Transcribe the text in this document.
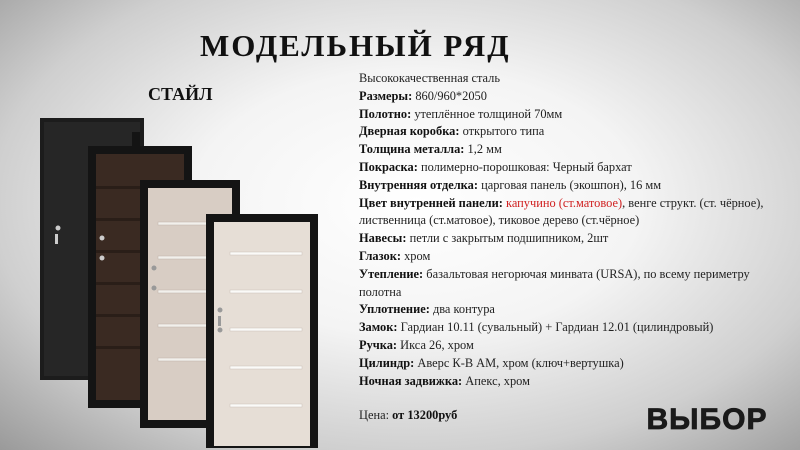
МОДЕЛЬНЫЙ РЯД
СТАЙЛ
Высококачественная сталь
Размеры: 860/960*2050
Полотно: утеплённое толщиной 70мм
Дверная коробка: открытого типа
Толщина металла: 1,2 мм
Покраска: полимерно-порошковая: Черный бархат
Внутренняя отделка: царговая панель (экошпон), 16 мм
Цвет внутренней панели: капучино (ст.матовое), венге структ. (ст. чёрное), лиственница (ст.матовое), тиковое дерево (ст.чёрное)
Навесы: петли с закрытым подшипником, 2шт
Глазок: хром
Утепление: базальтовая негорючая минвата (URSA), по всему периметру полотна
Уплотнение: два контура
Замок: Гардиан 10.11 (сувальный) + Гардиан 12.01 (цилиндровый)
Ручка: Икса 26, хром
Цилиндр: Аверс К-В АМ, хром (ключ+вертушка)
Ночная задвижка: Апекс, хром
Цена: от 13200руб	ВЫБОР
